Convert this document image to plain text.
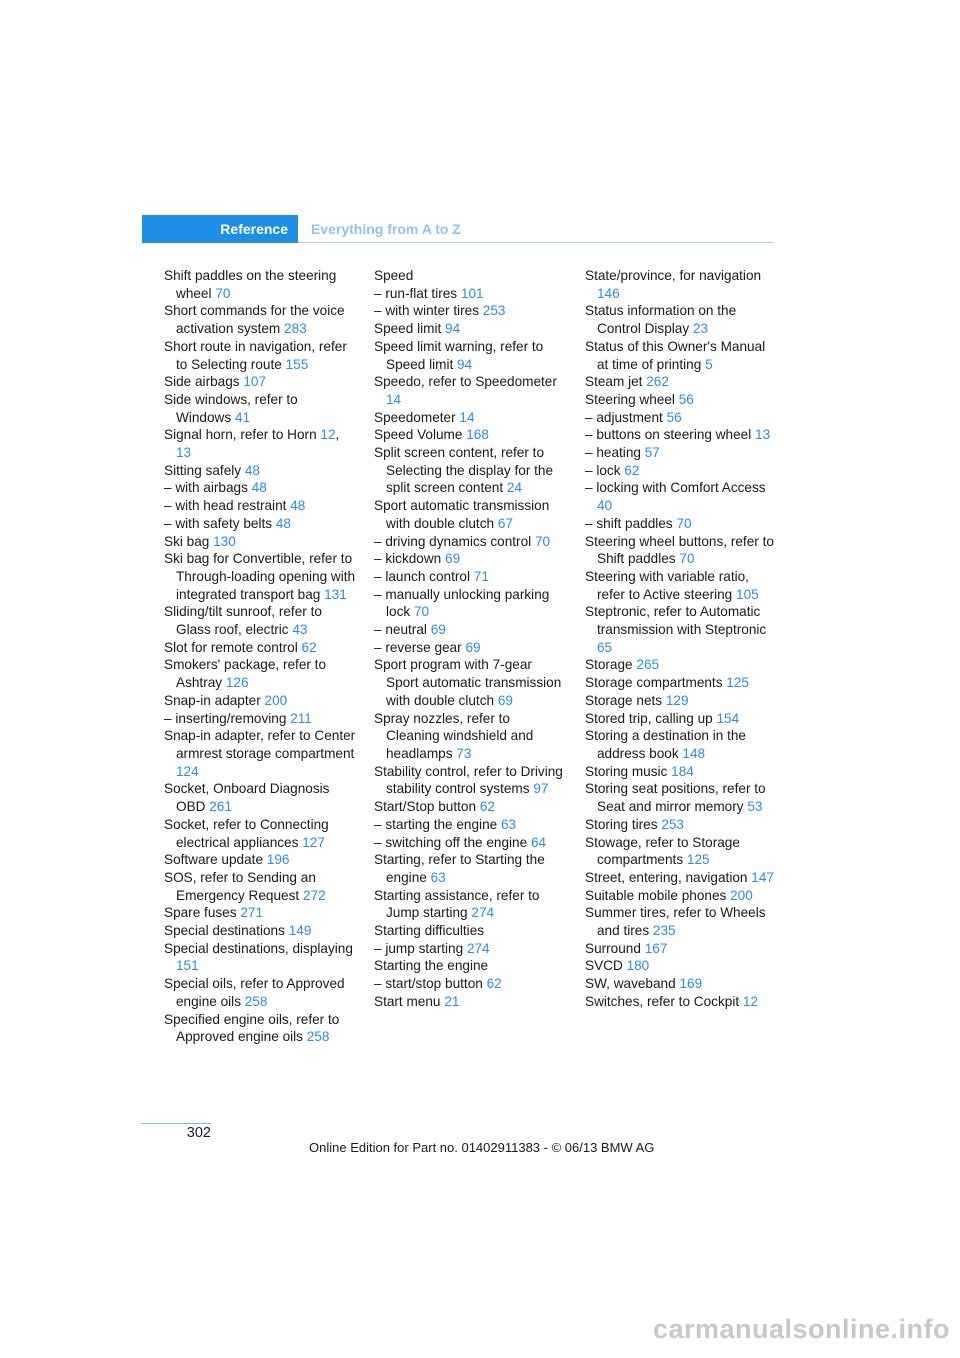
Reference	Everything from A to Z
Shift paddles on the steering wheel 70
Short commands for the voice activation system 283
Short route in navigation, refer to Selecting route 155
Side airbags 107
Side windows, refer to Windows 41
Signal horn, refer to Horn 12, 13
Sitting safely 48
– with airbags 48
– with head restraint 48
– with safety belts 48
Ski bag 130
Ski bag for Convertible, refer to Through-loading opening with integrated transport bag 131
Sliding/tilt sunroof, refer to Glass roof, electric 43
Slot for remote control 62
Smokers' package, refer to Ashtray 126
Snap-in adapter 200
– inserting/removing 211
Snap-in adapter, refer to Center armrest storage compartment 124
Socket, Onboard Diagnosis OBD 261
Socket, refer to Connecting electrical appliances 127
Software update 196
SOS, refer to Sending an Emergency Request 272
Spare fuses 271
Special destinations 149
Special destinations, displaying 151
Special oils, refer to Approved engine oils 258
Specified engine oils, refer to Approved engine oils 258
Speed
– run-flat tires 101
– with winter tires 253
Speed limit 94
Speed limit warning, refer to Speed limit 94
Speedo, refer to Speedometer 14
Speedometer 14
Speed Volume 168
Split screen content, refer to Selecting the display for the split screen content 24
Sport automatic transmission with double clutch 67
– driving dynamics control 70
– kickdown 69
– launch control 71
– manually unlocking parking lock 70
– neutral 69
– reverse gear 69
Sport program with 7-gear Sport automatic transmission with double clutch 69
Spray nozzles, refer to Cleaning windshield and headlamps 73
Stability control, refer to Driving stability control systems 97
Start/Stop button 62
– starting the engine 63
– switching off the engine 64
Starting, refer to Starting the engine 63
Starting assistance, refer to Jump starting 274
Starting difficulties
– jump starting 274
Starting the engine
– start/stop button 62
Start menu 21
State/province, for navigation 146
Status information on the Control Display 23
Status of this Owner's Manual at time of printing 5
Steam jet 262
Steering wheel 56
– adjustment 56
– buttons on steering wheel 13
– heating 57
– lock 62
– locking with Comfort Access 40
– shift paddles 70
Steering wheel buttons, refer to Shift paddles 70
Steering with variable ratio, refer to Active steering 105
Steptronic, refer to Automatic transmission with Steptronic 65
Storage 265
Storage compartments 125
Storage nets 129
Stored trip, calling up 154
Storing a destination in the address book 148
Storing music 184
Storing seat positions, refer to Seat and mirror memory 53
Storing tires 253
Stowage, refer to Storage compartments 125
Street, entering, navigation 147
Suitable mobile phones 200
Summer tires, refer to Wheels and tires 235
Surround 167
SVCD 180
SW, waveband 169
Switches, refer to Cockpit 12
302
Online Edition for Part no. 01402911383 - © 06/13 BMW AG
carmanualsonline.info
